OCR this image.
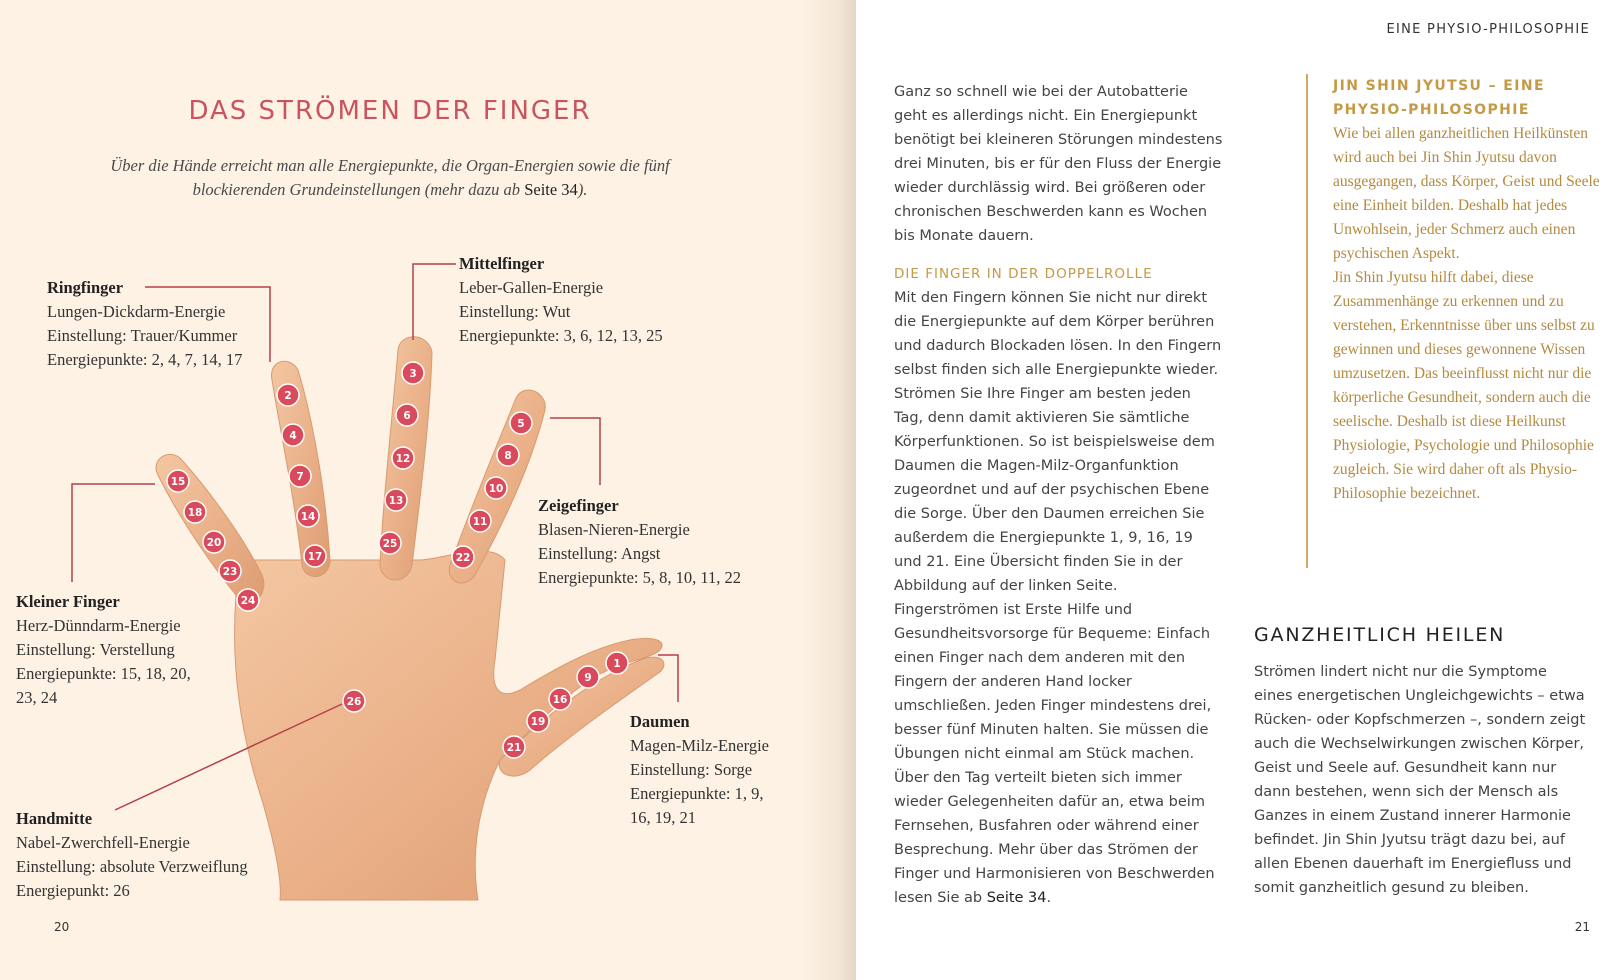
DAS STRÖMEN DER FINGER
Über die Hände erreicht man alle Energiepunkte, die Organ-Energien sowie die fünf blockierenden Grundeinstellungen (mehr dazu ab Seite 34).
1
2
3
4
5
6
7
8
9
10
11
12
13
14
15
16
17
18
19
20
21
22
23
24
25
26
Ringfinger
Lungen-Dickdarm-Energie
Einstellung: Trauer/Kummer
Energiepunkte: 2, 4, 7, 14, 17
Mittelfinger
Leber-Gallen-Energie
Einstellung: Wut
Energiepunkte: 3, 6, 12, 13, 25
Zeigefinger
Blasen-Nieren-Energie
Einstellung: Angst
Energiepunkte: 5, 8, 10, 11, 22
Kleiner Finger
Herz-Dünndarm-Energie
Einstellung: Verstellung
Energiepunkte: 15, 18, 20,
23, 24
Daumen
Magen-Milz-Energie
Einstellung: Sorge
Energiepunkte: 1, 9,
16, 19, 21
Handmitte
Nabel-Zwerchfell-Energie
Einstellung: absolute Verzweiflung
Energiepunkt: 26
20
EINE PHYSIO-PHILOSOPHIE

Ganz so schnell wie bei der Autobatterie geht es allerdings nicht. Ein Energiepunkt benötigt bei kleineren Störungen mindestens drei Minuten, bis er für den Fluss der Energie wieder durchlässig wird. Bei größeren oder chronischen Beschwerden kann es Wochen bis Monate dauern.

DIE FINGER IN DER DOPPELROLLE

Mit den Fingern können Sie nicht nur direkt die Energiepunkte auf dem Körper berühren und dadurch Blockaden lösen. In den Fingern selbst finden sich alle Energiepunkte wieder. Strömen Sie Ihre Finger am besten jeden Tag, denn damit aktivieren Sie sämtliche Körperfunktionen. So ist beispielsweise dem Daumen die Magen-Milz-Organfunktion zugeordnet und auf der psychischen Ebene die Sorge. Über den Daumen erreichen Sie außerdem die Energiepunkte 1, 9, 16, 19 und 21. Eine Übersicht finden Sie in der Abbildung auf der linken Seite.

Fingerströmen ist Erste Hilfe und Gesundheitsvorsorge für Bequeme: Einfach einen Finger nach dem anderen mit den Fingern der anderen Hand locker umschließen. Jeden Finger mindestens drei, besser fünf Minuten halten. Sie müssen die Übungen nicht einmal am Stück machen. Über den Tag verteilt bieten sich immer wieder Gelegenheiten dafür an, etwa beim Fernsehen, Busfahren oder während einer Besprechung. Mehr über das Strömen der Finger und Harmonisieren von Beschwerden lesen Sie ab Seite 34.

JIN SHIN JYUTSU – EINE PHYSIO-PHILOSOPHIE
Wie bei allen ganzheitlichen Heilkünsten wird auch bei Jin Shin Jyutsu davon ausgegangen, dass Körper, Geist und Seele eine Einheit bilden. Deshalb hat jedes Unwohlsein, jeder Schmerz auch einen psychischen Aspekt.
Jin Shin Jyutsu hilft dabei, diese Zusammenhänge zu erkennen und zu verstehen, Erkenntnisse über uns selbst zu gewinnen und dieses gewonnene Wissen umzusetzen. Das beeinflusst nicht nur die körperliche Gesundheit, sondern auch die seelische. Deshalb ist diese Heilkunst Physiologie, Psychologie und Philosophie zugleich. Sie wird daher oft als Physio-Philosophie bezeichnet.
GANZHEITLICH HEILEN
Strömen lindert nicht nur die Symptome eines energetischen Ungleichgewichts – etwa Rücken- oder Kopfschmerzen –, sondern zeigt auch die Wechselwirkungen zwischen Körper, Geist und Seele auf. Gesundheit kann nur dann bestehen, wenn sich der Mensch als Ganzes in einem Zustand innerer Harmonie befindet. Jin Shin Jyutsu trägt dazu bei, auf allen Ebenen dauerhaft im Energiefluss und somit ganzheitlich gesund zu bleiben.
21
